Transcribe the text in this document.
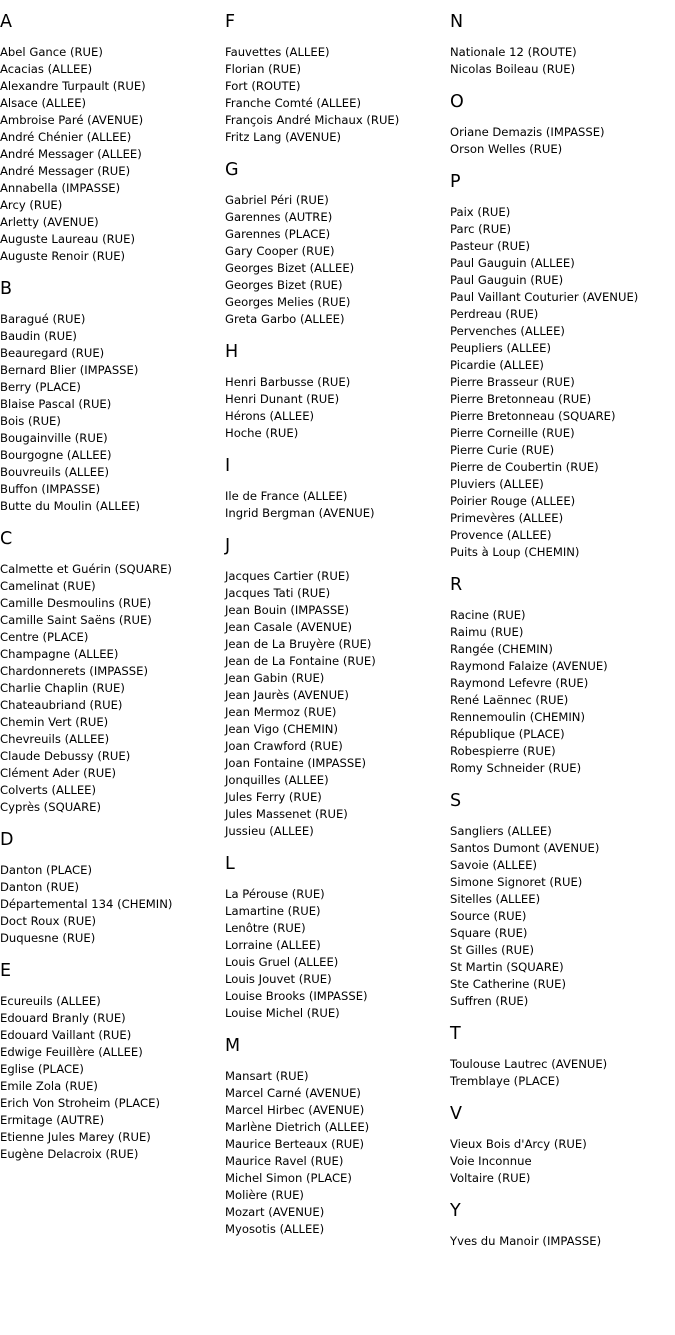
A
Abel Gance (RUE)
Acacias (ALLEE)
Alexandre Turpault (RUE)
Alsace (ALLEE)
Ambroise Paré (AVENUE)
André Chénier (ALLEE)
André Messager (ALLEE)
André Messager (RUE)
Annabella (IMPASSE)
Arcy (RUE)
Arletty (AVENUE)
Auguste Laureau (RUE)
Auguste Renoir (RUE)
B
Baragué (RUE)
Baudin (RUE)
Beauregard (RUE)
Bernard Blier (IMPASSE)
Berry (PLACE)
Blaise Pascal (RUE)
Bois (RUE)
Bougainville (RUE)
Bourgogne (ALLEE)
Bouvreuils (ALLEE)
Buffon (IMPASSE)
Butte du Moulin (ALLEE)
C
Calmette et Guérin (SQUARE)
Camelinat (RUE)
Camille Desmoulins (RUE)
Camille Saint Saëns (RUE)
Centre (PLACE)
Champagne (ALLEE)
Chardonnerets (IMPASSE)
Charlie Chaplin (RUE)
Chateaubriand (RUE)
Chemin Vert (RUE)
Chevreuils (ALLEE)
Claude Debussy (RUE)
Clément Ader (RUE)
Colverts (ALLEE)
Cyprès (SQUARE)
D
Danton (PLACE)
Danton (RUE)
Départemental 134 (CHEMIN)
Doct Roux (RUE)
Duquesne (RUE)
E
Ecureuils (ALLEE)
Edouard Branly (RUE)
Edouard Vaillant (RUE)
Edwige Feuillère (ALLEE)
Eglise (PLACE)
Emile Zola (RUE)
Erich Von Stroheim (PLACE)
Ermitage (AUTRE)
Etienne Jules Marey (RUE)
Eugène Delacroix (RUE)
F
Fauvettes (ALLEE)
Florian (RUE)
Fort (ROUTE)
Franche Comté (ALLEE)
François André Michaux (RUE)
Fritz Lang (AVENUE)
G
Gabriel Péri (RUE)
Garennes (AUTRE)
Garennes (PLACE)
Gary Cooper (RUE)
Georges Bizet (ALLEE)
Georges Bizet (RUE)
Georges Melies (RUE)
Greta Garbo (ALLEE)
H
Henri Barbusse (RUE)
Henri Dunant (RUE)
Hérons (ALLEE)
Hoche (RUE)
I
Ile de France (ALLEE)
Ingrid Bergman (AVENUE)
J
Jacques Cartier (RUE)
Jacques Tati (RUE)
Jean Bouin (IMPASSE)
Jean Casale (AVENUE)
Jean de La Bruyère (RUE)
Jean de La Fontaine (RUE)
Jean Gabin (RUE)
Jean Jaurès (AVENUE)
Jean Mermoz (RUE)
Jean Vigo (CHEMIN)
Joan Crawford (RUE)
Joan Fontaine (IMPASSE)
Jonquilles (ALLEE)
Jules Ferry (RUE)
Jules Massenet (RUE)
Jussieu (ALLEE)
L
La Pérouse (RUE)
Lamartine (RUE)
Lenôtre (RUE)
Lorraine (ALLEE)
Louis Gruel (ALLEE)
Louis Jouvet (RUE)
Louise Brooks (IMPASSE)
Louise Michel (RUE)
M
Mansart (RUE)
Marcel Carné (AVENUE)
Marcel Hirbec (AVENUE)
Marlène Dietrich (ALLEE)
Maurice Berteaux (RUE)
Maurice Ravel (RUE)
Michel Simon (PLACE)
Molière (RUE)
Mozart (AVENUE)
Myosotis (ALLEE)
N
Nationale 12 (ROUTE)
Nicolas Boileau (RUE)
O
Oriane Demazis (IMPASSE)
Orson Welles (RUE)
P
Paix (RUE)
Parc (RUE)
Pasteur (RUE)
Paul Gauguin (ALLEE)
Paul Gauguin (RUE)
Paul Vaillant Couturier (AVENUE)
Perdreau (RUE)
Pervenches (ALLEE)
Peupliers (ALLEE)
Picardie (ALLEE)
Pierre Brasseur (RUE)
Pierre Bretonneau (RUE)
Pierre Bretonneau (SQUARE)
Pierre Corneille (RUE)
Pierre Curie (RUE)
Pierre de Coubertin (RUE)
Pluviers (ALLEE)
Poirier Rouge (ALLEE)
Primevères (ALLEE)
Provence (ALLEE)
Puits à Loup (CHEMIN)
R
Racine (RUE)
Raimu (RUE)
Rangée (CHEMIN)
Raymond Falaize (AVENUE)
Raymond Lefevre (RUE)
René Laënnec (RUE)
Rennemoulin (CHEMIN)
République (PLACE)
Robespierre (RUE)
Romy Schneider (RUE)
S
Sangliers (ALLEE)
Santos Dumont (AVENUE)
Savoie (ALLEE)
Simone Signoret (RUE)
Sitelles (ALLEE)
Source (RUE)
Square (RUE)
St Gilles (RUE)
St Martin (SQUARE)
Ste Catherine (RUE)
Suffren (RUE)
T
Toulouse Lautrec (AVENUE)
Tremblaye (PLACE)
V
Vieux Bois d'Arcy (RUE)
Voie Inconnue
Voltaire (RUE)
Y
Yves du Manoir (IMPASSE)
